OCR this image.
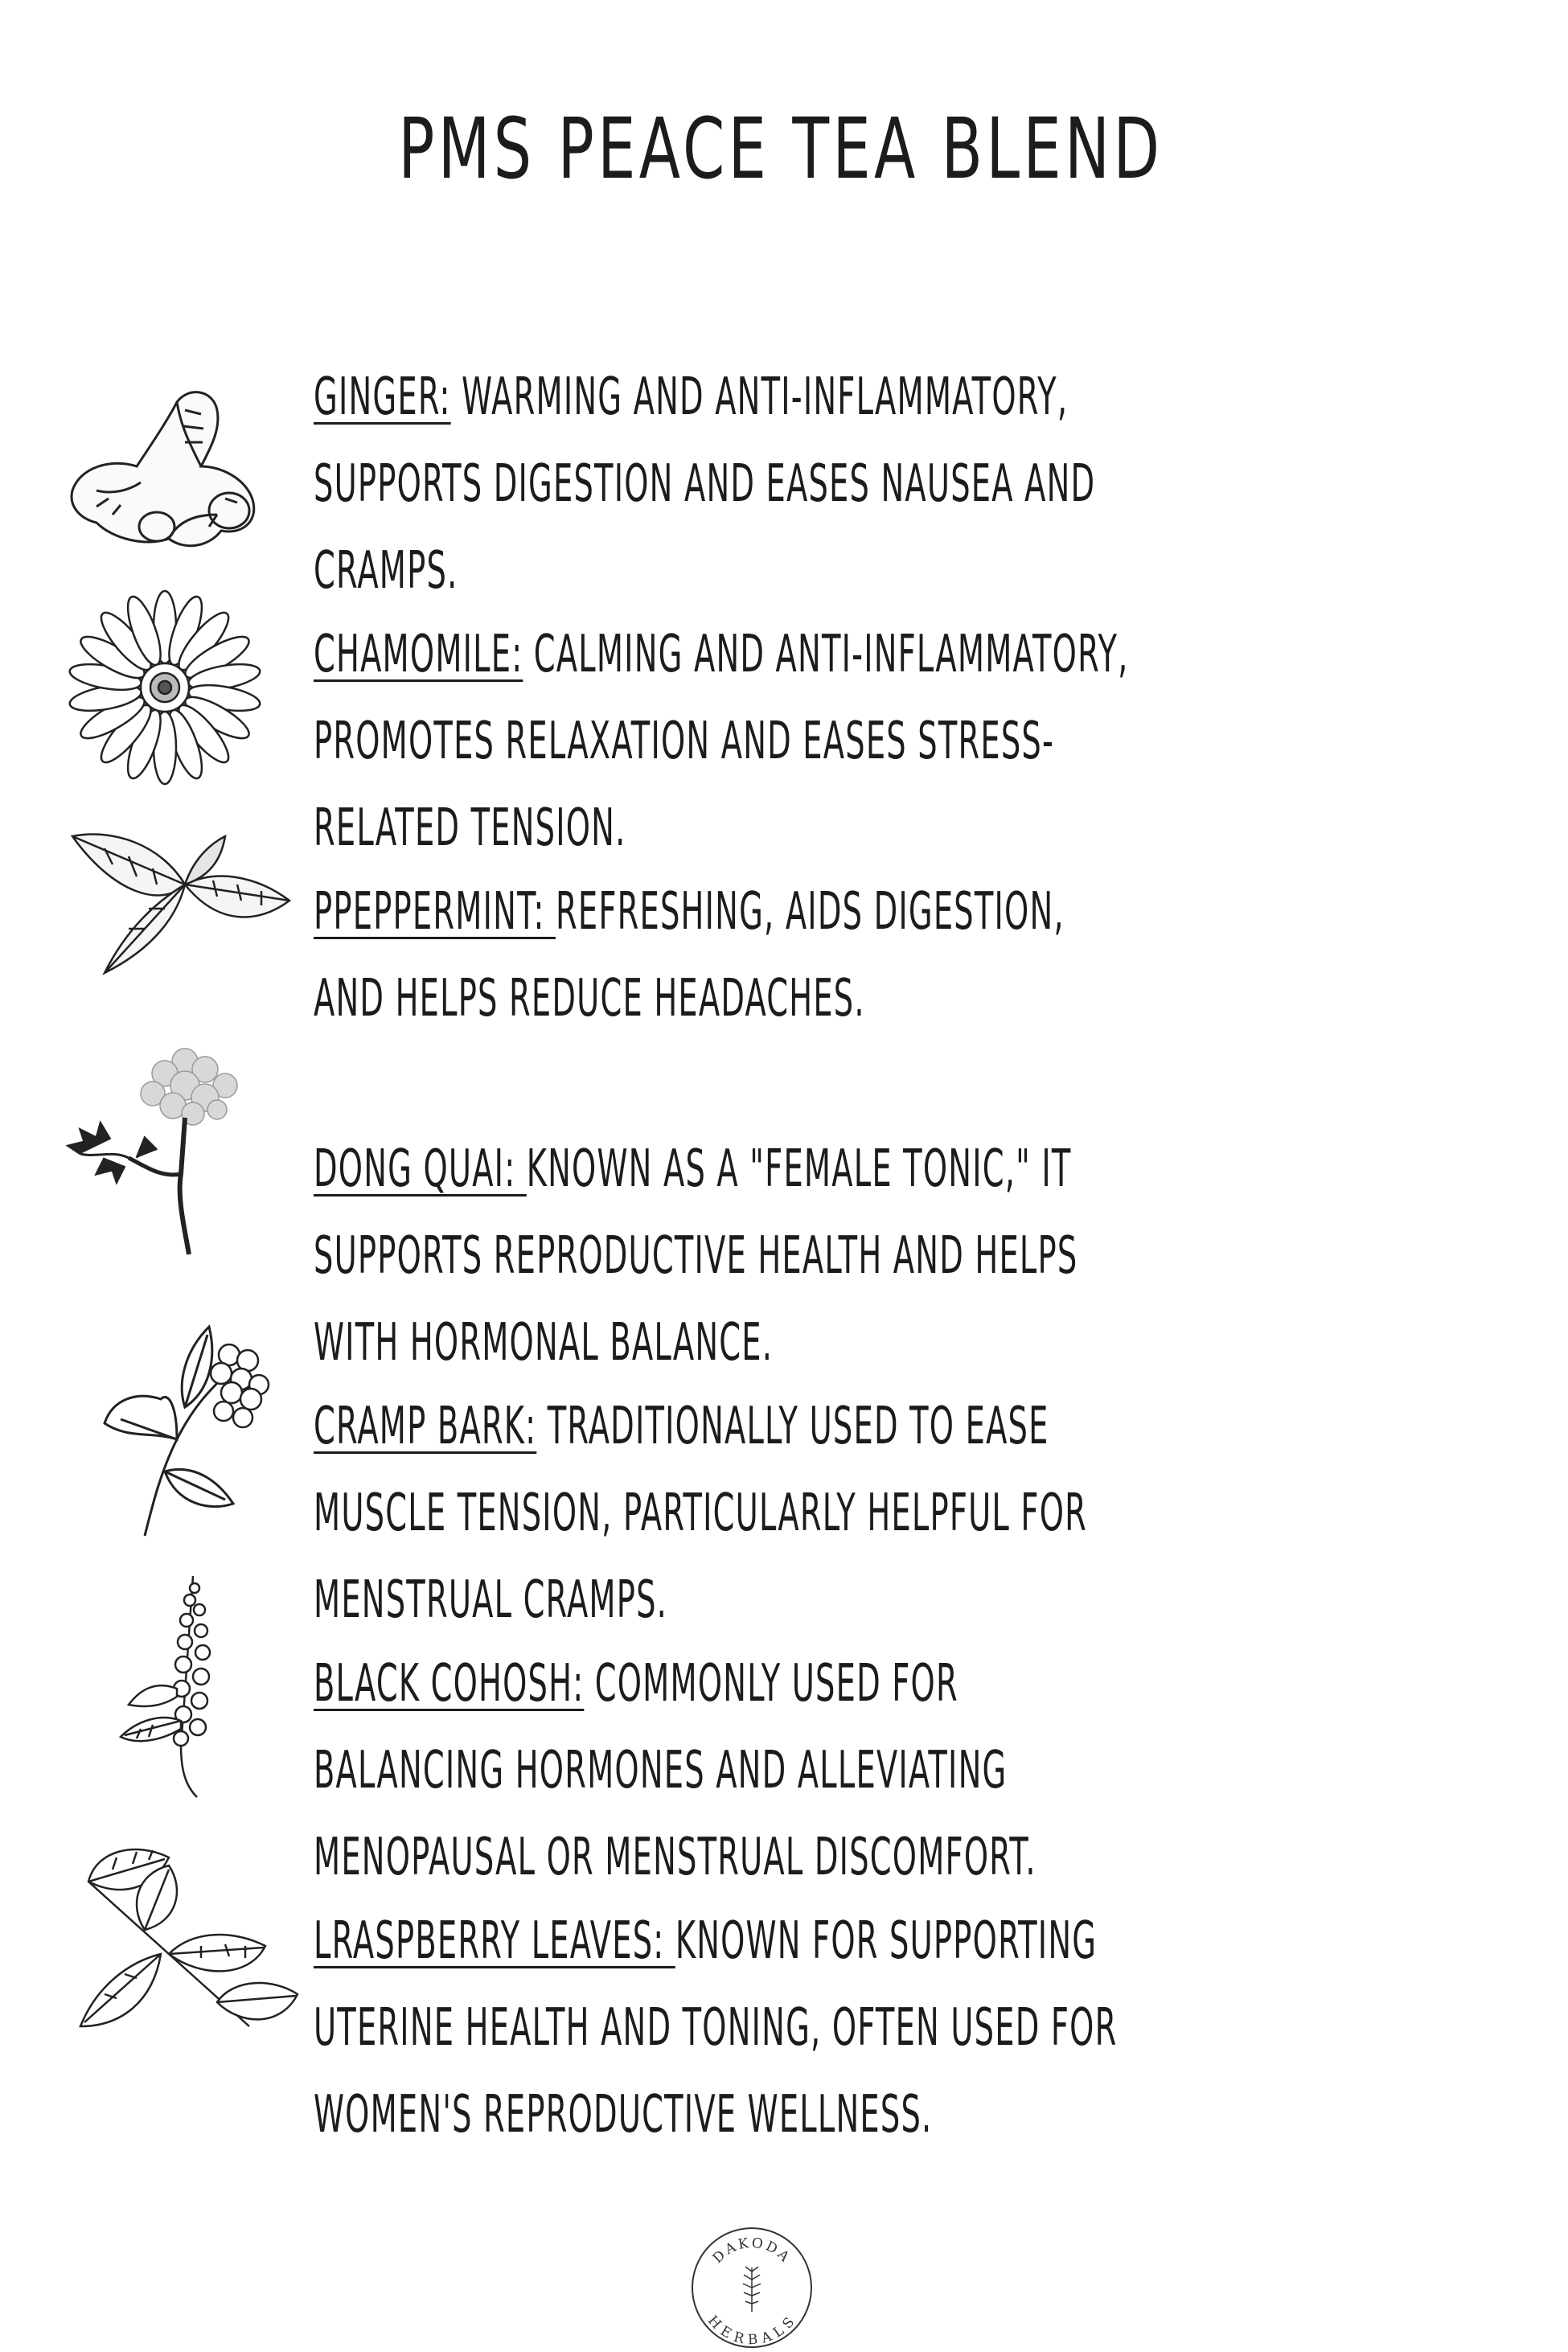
PMS PEACE TEA BLEND

GINGER: WARMING AND ANTI-INFLAMMATORY, SUPPORTS DIGESTION AND EASES NAUSEA AND CRAMPS.

CHAMOMILE: CALMING AND ANTI-INFLAMMATORY, PROMOTES RELAXATION AND EASES STRESS-RELATED TENSION.

PPEPPERMINT: REFRESHING, AIDS DIGESTION, AND HELPS REDUCE HEADACHES.

DONG QUAI: KNOWN AS A "FEMALE TONIC," IT SUPPORTS REPRODUCTIVE HEALTH AND HELPS WITH HORMONAL BALANCE.

CRAMP BARK: TRADITIONALLY USED TO EASE MUSCLE TENSION, PARTICULARLY HELPFUL FOR MENSTRUAL CRAMPS.

BLACK COHOSH: COMMONLY USED FOR BALANCING HORMONES AND ALLEVIATING MENOPAUSAL OR MENSTRUAL DISCOMFORT.

LRASPBERRY LEAVES: KNOWN FOR SUPPORTING UTERINE HEALTH AND TONING, OFTEN USED FOR WOMEN'S REPRODUCTIVE WELLNESS.

DAKODA
HERBALS
